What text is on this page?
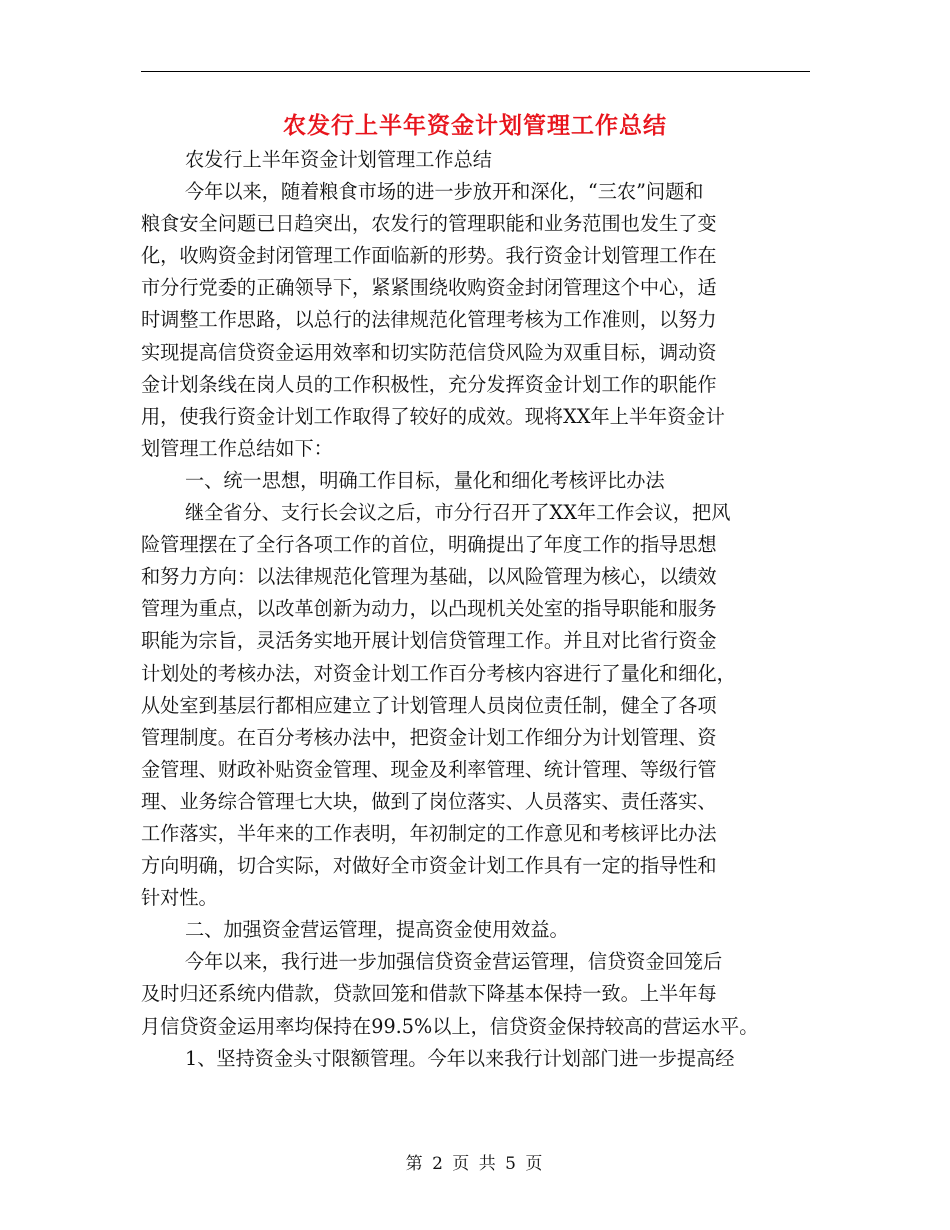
农发行上半年资金计划管理工作总结
农发行上半年资金计划管理工作总结
今年以来，随着粮食市场的进一步放开和深化，“三农”问题和
粮食安全问题已日趋突出，农发行的管理职能和业务范围也发生了变
化，收购资金封闭管理工作面临新的形势。我行资金计划管理工作在
市分行党委的正确领导下，紧紧围绕收购资金封闭管理这个中心，适
时调整工作思路，以总行的法律规范化管理考核为工作准则，以努力
实现提高信贷资金运用效率和切实防范信贷风险为双重目标，调动资
金计划条线在岗人员的工作积极性，充分发挥资金计划工作的职能作
用，使我行资金计划工作取得了较好的成效。现将XX年上半年资金计
划管理工作总结如下：
一、统一思想，明确工作目标，量化和细化考核评比办法
继全省分、支行长会议之后，市分行召开了XX年工作会议，把风
险管理摆在了全行各项工作的首位，明确提出了年度工作的指导思想
和努力方向：以法律规范化管理为基础，以风险管理为核心，以绩效
管理为重点，以改革创新为动力，以凸现机关处室的指导职能和服务
职能为宗旨，灵活务实地开展计划信贷管理工作。并且对比省行资金
计划处的考核办法，对资金计划工作百分考核内容进行了量化和细化，
从处室到基层行都相应建立了计划管理人员岗位责任制，健全了各项
管理制度。在百分考核办法中，把资金计划工作细分为计划管理、资
金管理、财政补贴资金管理、现金及利率管理、统计管理、等级行管
理、业务综合管理七大块，做到了岗位落实、人员落实、责任落实、
工作落实，半年来的工作表明，年初制定的工作意见和考核评比办法
方向明确，切合实际，对做好全市资金计划工作具有一定的指导性和
针对性。
二、加强资金营运管理，提高资金使用效益。
今年以来，我行进一步加强信贷资金营运管理，信贷资金回笼后
及时归还系统内借款，贷款回笼和借款下降基本保持一致。上半年每
月信贷资金运用率均保持在99.5%以上，信贷资金保持较高的营运水平。
1、坚持资金头寸限额管理。今年以来我行计划部门进一步提高经
第 2 页 共 5 页
